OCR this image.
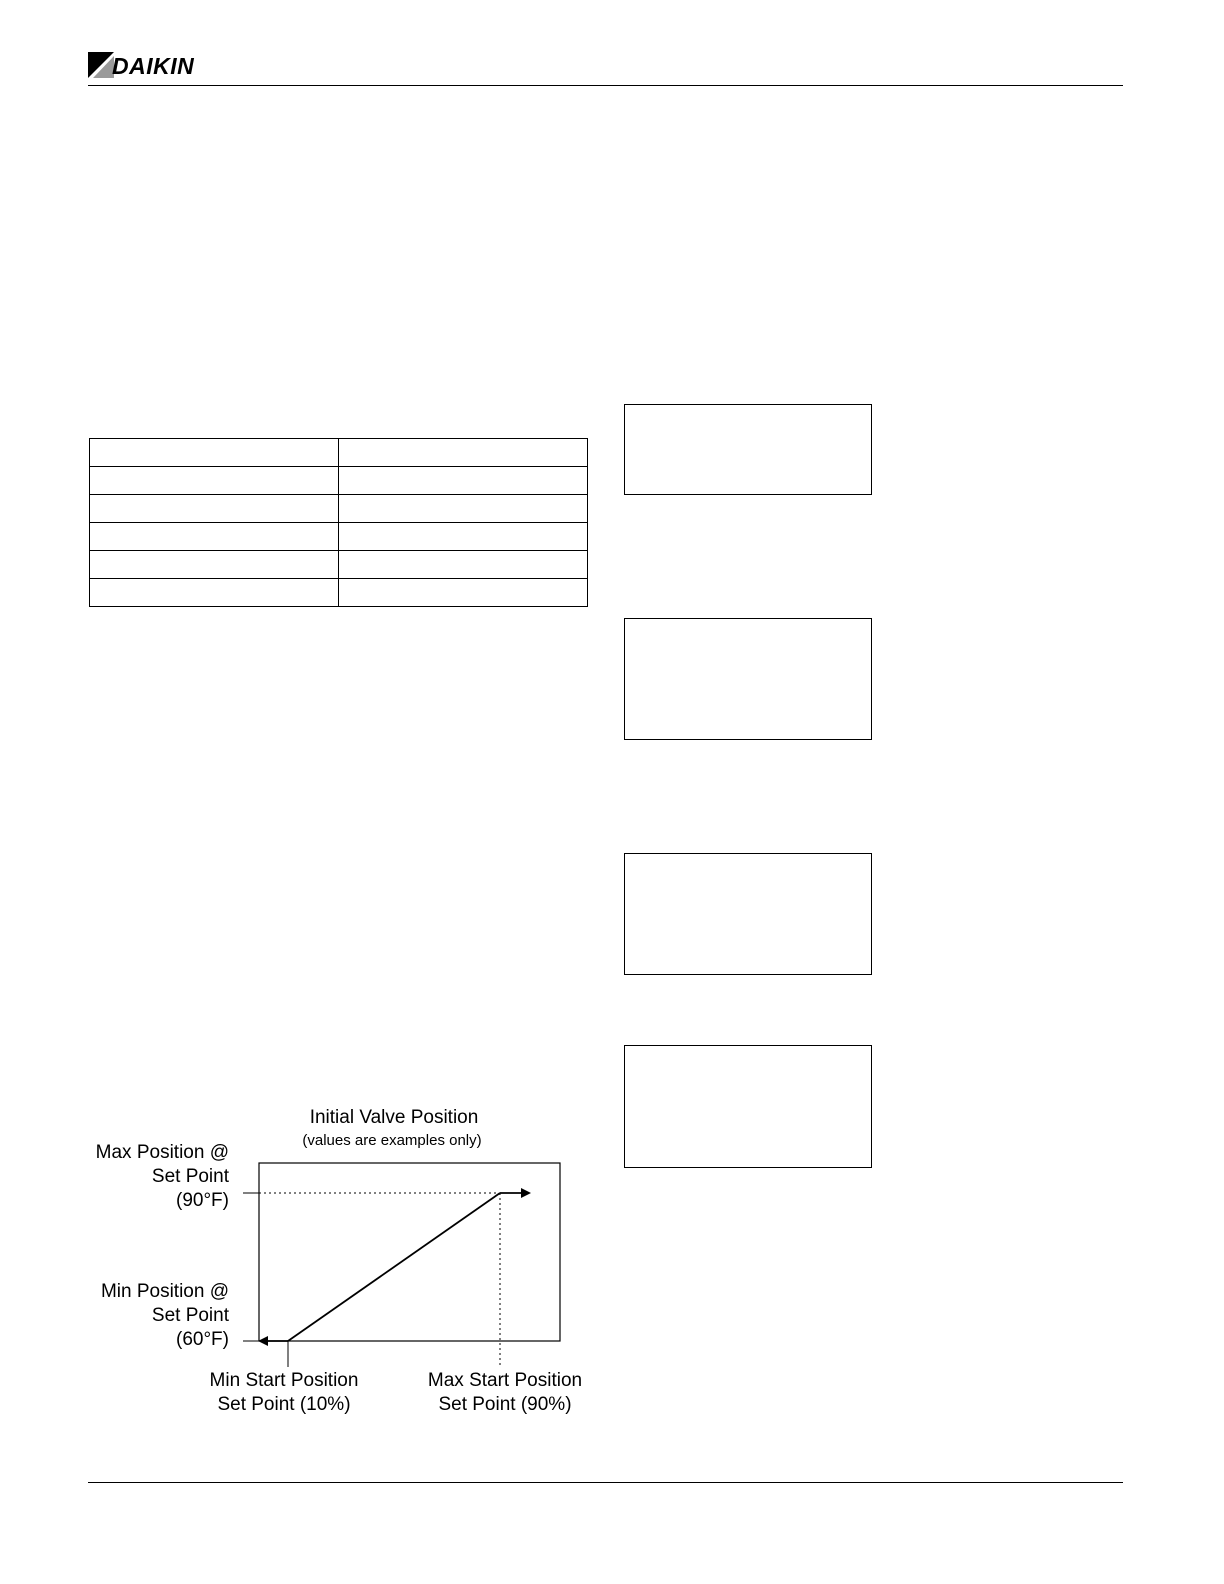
DAIKIN

Initial Valve Position
(values are examples only)
Max Position @
Set Point
(90°F)
Min Position @
Set Point
(60°F)
Min Start Position
Set Point (10%)
Max Start Position
Set Point (90%)
